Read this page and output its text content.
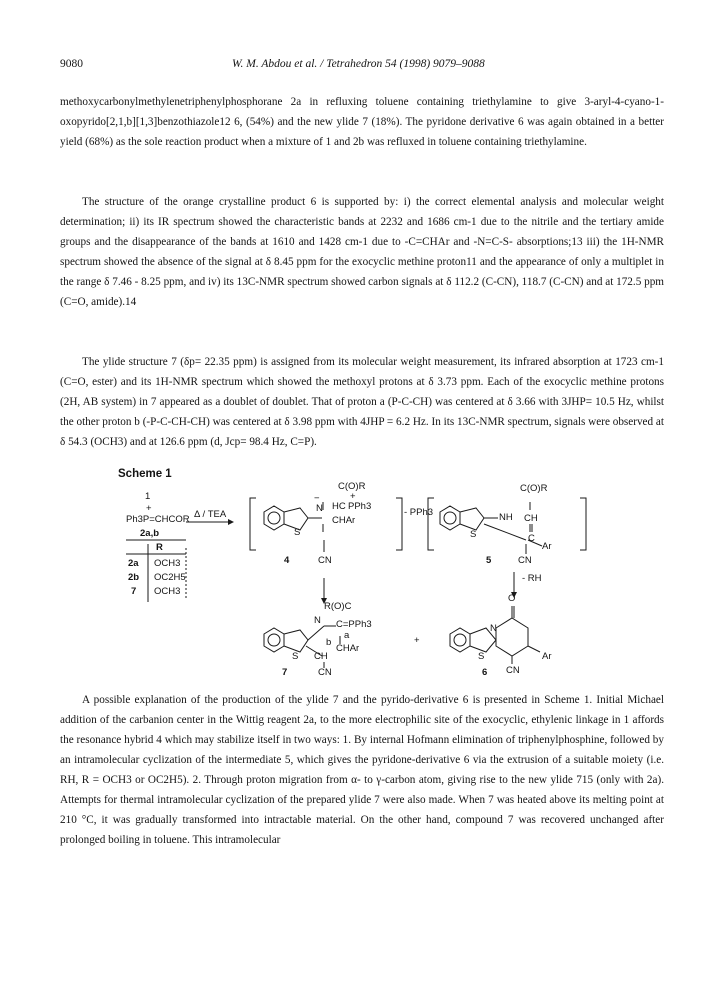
9080	W. M. Abdou et al. / Tetrahedron 54 (1998) 9079–9088

methoxycarbonylmethylenetriphenylphosphorane 2a in refluxing toluene containing triethylamine to give 3-aryl-4-cyano-1-oxopyrido[2,1,b][1,3]benzothiazole12 6, (54%) and the new ylide 7 (18%). The pyridone derivative 6 was again obtained in a better yield (68%) as the sole reaction product when a mixture of 1 and 2b was refluxed in toluene containing triethylamine.

The structure of the orange crystalline product 6 is supported by: i) the correct elemental analysis and molecular weight determination; ii) its IR spectrum showed the characteristic bands at 2232 and 1686 cm-1 due to the nitrile and the tertiary amide groups and the disappearance of the bands at 1610 and 1428 cm-1 due to -C=CHAr and -N=C-S- absorptions;13 iii) the 1H-NMR spectrum showed the absence of the signal at δ 8.45 ppm for the exocyclic methine proton11 and the appearance of only a multiplet in the range δ 7.46 - 8.25 ppm, and iv) its 13C-NMR spectrum showed carbon signals at δ 112.2 (C-CN), 118.7 (C-CN) and at 172.5 ppm (C=O, amide).14

The ylide structure 7 (δp= 22.35 ppm) is assigned from its molecular weight measurement, its infrared absorption at 1723 cm-1 (C=O, ester) and its 1H-NMR spectrum which showed the methoxyl protons at δ 3.73 ppm. Each of the exocyclic methine protons (2H, AB system) in 7 appeared as a doublet of doublet. That of proton a (P-C-CH) was centered at δ 3.66 with 3JHP= 10.5 Hz, whilst the other proton b (-P-C-CH-CH) was centered at δ 3.98 ppm with 4JHP = 6.2 Hz. In its 13C-NMR spectrum, signals were observed at δ 54.3 (OCH3) and at 126.6 ppm (d, Jcp= 98.4 Hz, C=P).

Scheme 1
1
+
Ph3P=CHCOR Δ / TEA
2a,b
R
2a OCH3
2b OC2H5
7 OCH3
C(O)R
+
−
N HC PPh3
CHAr
S
CN
4
- PPh3
C(O)R
NH CH
C
S
Ar
CN
5
- RH
R(O)C
N C=PPh3
a
b
CHAr
CH
S
CN
7
+
O
N
S	Ar
CN
6

A possible explanation of the production of the ylide 7 and the pyrido-derivative 6 is presented in Scheme 1. Initial Michael addition of the carbanion center in the Wittig reagent 2a, to the more electrophilic site of the exocyclic, ethylenic linkage in 1 affords the resonance hybrid 4 which may stabilize itself in two ways: 1. By internal Hofmann elimination of triphenylphosphine, followed by an intramolecular cyclization of the intermediate 5, which gives the pyridone-derivative 6 via the extrusion of a suitable moiety (i.e. RH, R = OCH3 or OC2H5). 2. Through proton migration from α- to γ-carbon atom, giving rise to the new ylide 715 (only with 2a). Attempts for thermal intramolecular cyclization of the prepared ylide 7 were also made. When 7 was heated above its melting point at 210 °C, it was gradually transformed into intractable material. On the other hand, compound 7 was recovered unchanged after prolonged boiling in toluene. This intramolecular
